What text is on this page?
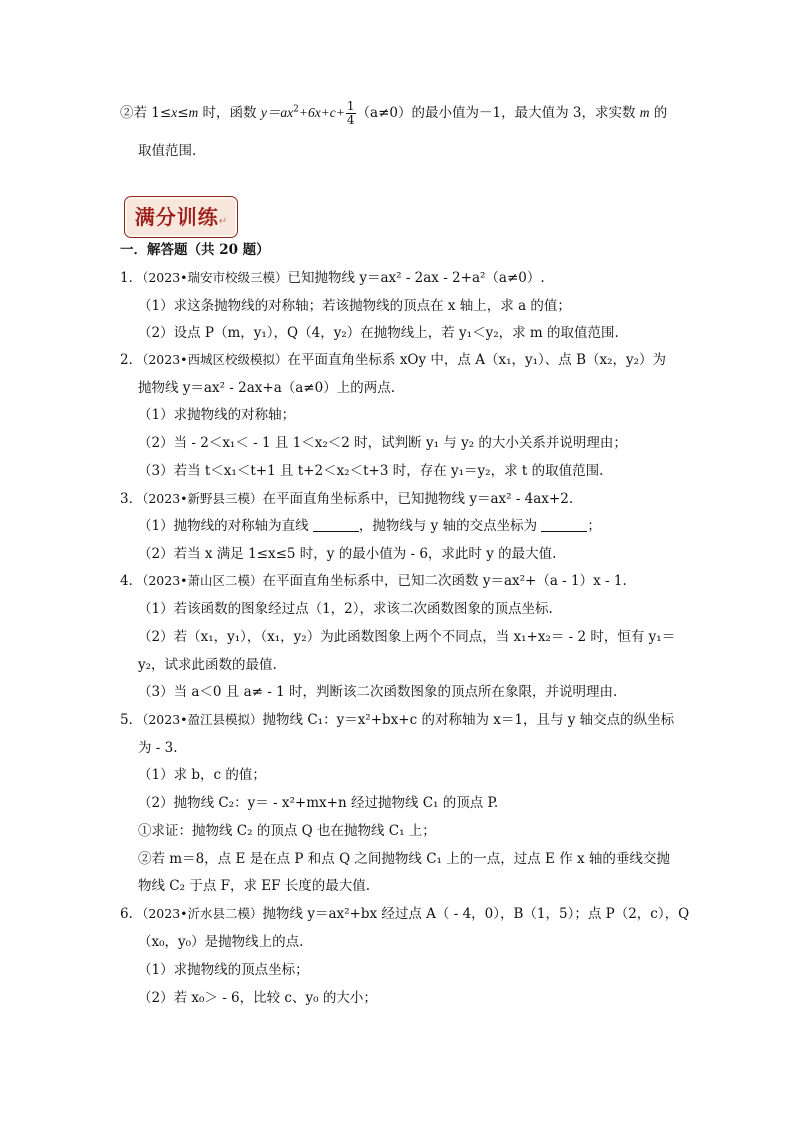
②若 1≤x≤m 时，函数 $y=ax^2+6x+c+ \frac{1}{4} (a\ne 0)$的最小值为－1，最大值为 3，求实数 m 的
取值范围.
满分训练↵
一．解答题（共 20 题）
1．（2023•瑞安市校级三模）已知抛物线 y＝ax² - 2ax - 2+a²（a≠0）.
（1）求这条抛物线的对称轴；若该抛物线的顶点在 x 轴上，求 a 的值；
（2）设点 P（m，y₁），Q（4，y₂）在抛物线上，若 y₁＜y₂，求 m 的取值范围.
2．（2023•西城区校级模拟）在平面直角坐标系 xOy 中，点 A（x₁，y₁）、点 B（x₂，y₂）为
抛物线 y＝ax² - 2ax+a（a≠0）上的两点.
（1）求抛物线的对称轴；
（2）当 - 2＜x₁＜ - 1 且 1＜x₂＜2 时，试判断 y₁ 与 y₂ 的大小关系并说明理由；
（3）若当 t＜x₁＜t+1 且 t+2＜x₂＜t+3 时，存在 y₁＝y₂，求 t 的取值范围.
3．（2023•新野县三模）在平面直角坐标系中，已知抛物线 y＝ax² - 4ax+2.
（1）抛物线的对称轴为直线	，抛物线与 y 轴的交点坐标为	；
（2）若当 x 满足 1≤x≤5 时，y 的最小值为 - 6，求此时 y 的最大值.
4．（2023•萧山区二模）在平面直角坐标系中，已知二次函数 y＝ax²+（a - 1）x - 1.
（1）若该函数的图象经过点（1，2），求该二次函数图象的顶点坐标.
（2）若（x₁，y₁），（x₁，y₂）为此函数图象上两个不同点，当 x₁+x₂＝ - 2 时，恒有 y₁＝
y₂，试求此函数的最值.
（3）当 a＜0 且 a≠ - 1 时，判断该二次函数图象的顶点所在象限，并说明理由.
5．（2023•盈江县模拟）抛物线 C₁：y＝x²+bx+c 的对称轴为 x＝1，且与 y 轴交点的纵坐标
为 - 3.
（1）求 b，c 的值；
（2）抛物线 C₂：y＝ - x²+mx+n 经过抛物线 C₁ 的顶点 P.
①求证：抛物线 C₂ 的顶点 Q 也在抛物线 C₁ 上；
②若 m＝8，点 E 是在点 P 和点 Q 之间抛物线 C₁ 上的一点，过点 E 作 x 轴的垂线交抛
物线 C₂ 于点 F，求 EF 长度的最大值.
6．（2023•沂水县二模）抛物线 y＝ax²+bx 经过点 A（ - 4，0），B（1，5）；点 P（2，c），Q
（x₀，y₀）是抛物线上的点.
（1）求抛物线的顶点坐标；
（2）若 x₀＞ - 6，比较 c、y₀ 的大小；
